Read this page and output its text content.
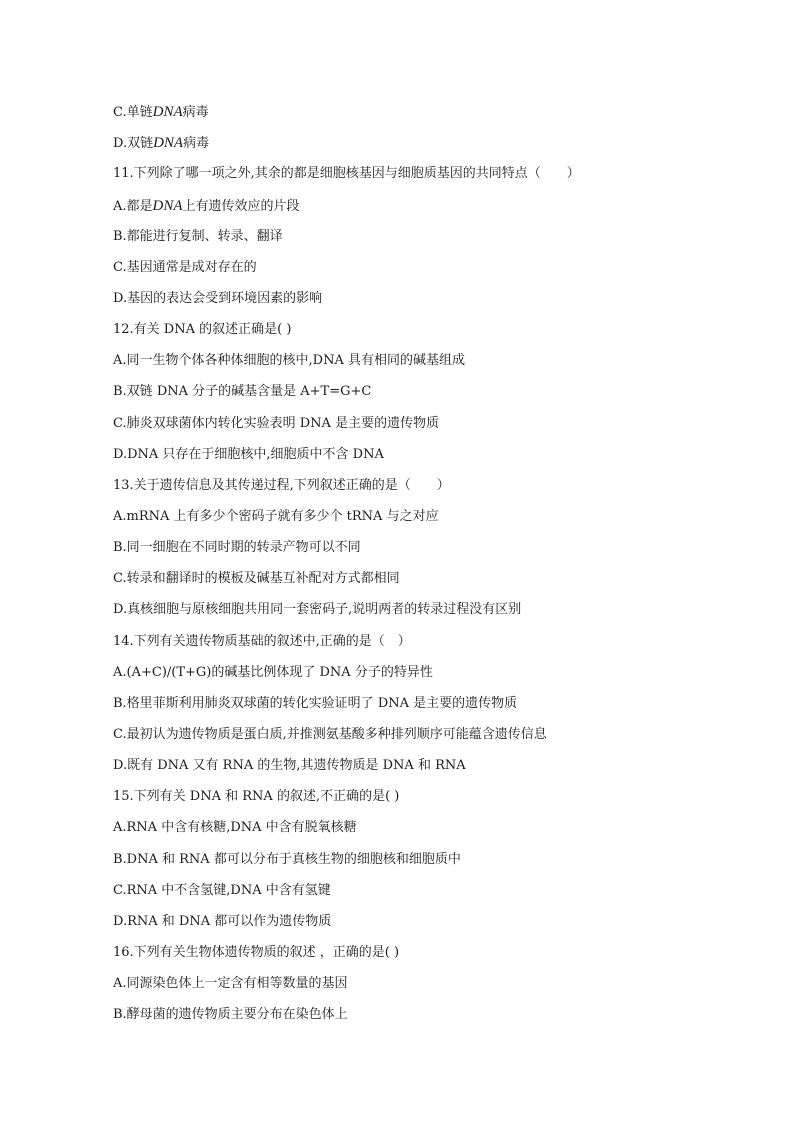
C.单链DNA病毒
D.双链DNA病毒
11.下列除了哪一项之外,其余的都是细胞核基因与细胞质基因的共同特点（　　）
A.都是DNA上有遗传效应的片段
B.都能进行复制、转录、翻译
C.基因通常是成对存在的
D.基因的表达会受到环境因素的影响
12.有关 DNA 的叙述正确是( )
A.同一生物个体各种体细胞的核中,DNA 具有相同的碱基组成
B.双链 DNA 分子的碱基含量是 A+T=G+C
C.肺炎双球菌体内转化实验表明 DNA 是主要的遗传物质
D.DNA 只存在于细胞核中,细胞质中不含 DNA
13.关于遗传信息及其传递过程,下列叙述正确的是（　　）
A.mRNA 上有多少个密码子就有多少个 tRNA 与之对应
B.同一细胞在不同时期的转录产物可以不同
C.转录和翻译时的模板及碱基互补配对方式都相同
D.真核细胞与原核细胞共用同一套密码子,说明两者的转录过程没有区别
14.下列有关遗传物质基础的叙述中,正确的是（　）
A.(A+C)/(T+G)的碱基比例体现了 DNA 分子的特异性
B.格里菲斯利用肺炎双球菌的转化实验证明了 DNA 是主要的遗传物质
C.最初认为遗传物质是蛋白质,并推测氨基酸多种排列顺序可能蕴含遗传信息
D.既有 DNA 又有 RNA 的生物,其遗传物质是 DNA 和 RNA
15.下列有关 DNA 和 RNA 的叙述,不正确的是( )
A.RNA 中含有核糖,DNA 中含有脱氧核糖
B.DNA 和 RNA 都可以分布于真核生物的细胞核和细胞质中
C.RNA 中不含氢键,DNA 中含有氢键
D.RNA 和 DNA 都可以作为遗传物质
16.下列有关生物体遗传物质的叙述 ，正确的是( )
A.同源染色体上一定含有相等数量的基因
B.酵母菌的遗传物质主要分布在染色体上
